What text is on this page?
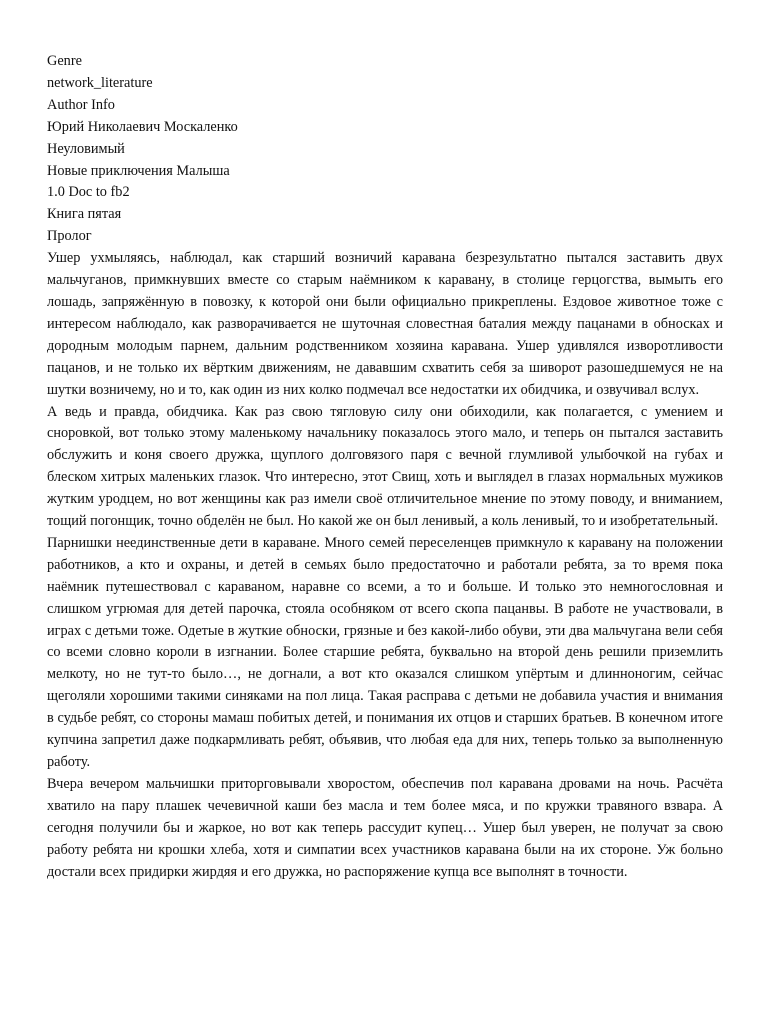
Genre

network_literature

Author Info

Юрий Николаевич Москаленко

Неуловимый

Новые приключения Малыша

1.0 Doc to fb2

Книга пятая

Пролог

Ушер ухмыляясь, наблюдал, как старший возничий каравана безрезультатно пытался заставить двух мальчуганов, примкнувших вместе со старым наёмником к каравану, в столице герцогства, вымыть его лошадь, запряжённую в повозку, к которой они были официально прикреплены. Ездовое животное тоже с интересом наблюдало, как разворачивается не шуточная словестная баталия между пацанами в обносках и дородным молодым парнем, дальним родственником хозяина каравана. Ушер удивлялся изворотливости пацанов, и не только их вёртким движениям, не дававшим схватить себя за шиворот разошедшемуся не на шутки возничему, но и то, как один из них колко подмечал все недостатки их обидчика, и озвучивал вслух.

А ведь и правда, обидчика. Как раз свою тягловую силу они обиходили, как полагается, с умением и сноровкой, вот только этому маленькому начальнику показалось этого мало, и теперь он пытался заставить обслужить и коня своего дружка, щуплого долговязого паря с вечной глумливой улыбочкой на губах и блеском хитрых маленьких глазок. Что интересно, этот Свищ, хоть и выглядел в глазах нормальных мужиков жутким уродцем, но вот женщины как раз имели своё отличительное мнение по этому поводу, и вниманием, тощий погонщик, точно обделён не был. Но какой же он был ленивый, а коль ленивый, то и изобретательный.

Парнишки неединственные дети в караване. Много семей переселенцев примкнуло к каравану на положении работников, а кто и охраны, и детей в семьях было предостаточно и работали ребята, за то время пока наёмник путешествовал с караваном, наравне со всеми, а то и больше. И только это немногословная и слишком угрюмая для детей парочка, стояла особняком от всего скопа пацанвы. В работе не участвовали, в играх с детьми тоже. Одетые в жуткие обноски, грязные и без какой-либо обуви, эти два мальчугана вели себя со всеми словно короли в изгнании. Более старшие ребята, буквально на второй день решили приземлить мелкоту, но не тут-то было…, не догнали, а вот кто оказался слишком упёртым и длинноногим, сейчас щеголяли хорошими такими синяками на пол лица. Такая расправа с детьми не добавила участия и внимания в судьбе ребят, со стороны мамаш побитых детей, и понимания их отцов и старших братьев. В конечном итоге купчина запретил даже подкармливать ребят, объявив, что любая еда для них, теперь только за выполненную работу.

Вчера вечером мальчишки приторговывали хворостом, обеспечив пол каравана дровами на ночь. Расчёта хватило на пару плашек чечевичной каши без масла и тем более мяса, и по кружки травяного взвара. А сегодня получили бы и жаркое, но вот как теперь рассудит купец… Ушер был уверен, не получат за свою работу ребята ни крошки хлеба, хотя и симпатии всех участников каравана были на их стороне. Уж больно достали всех придирки жирдяя и его дружка, но распоряжение купца все выполнят в точности.
